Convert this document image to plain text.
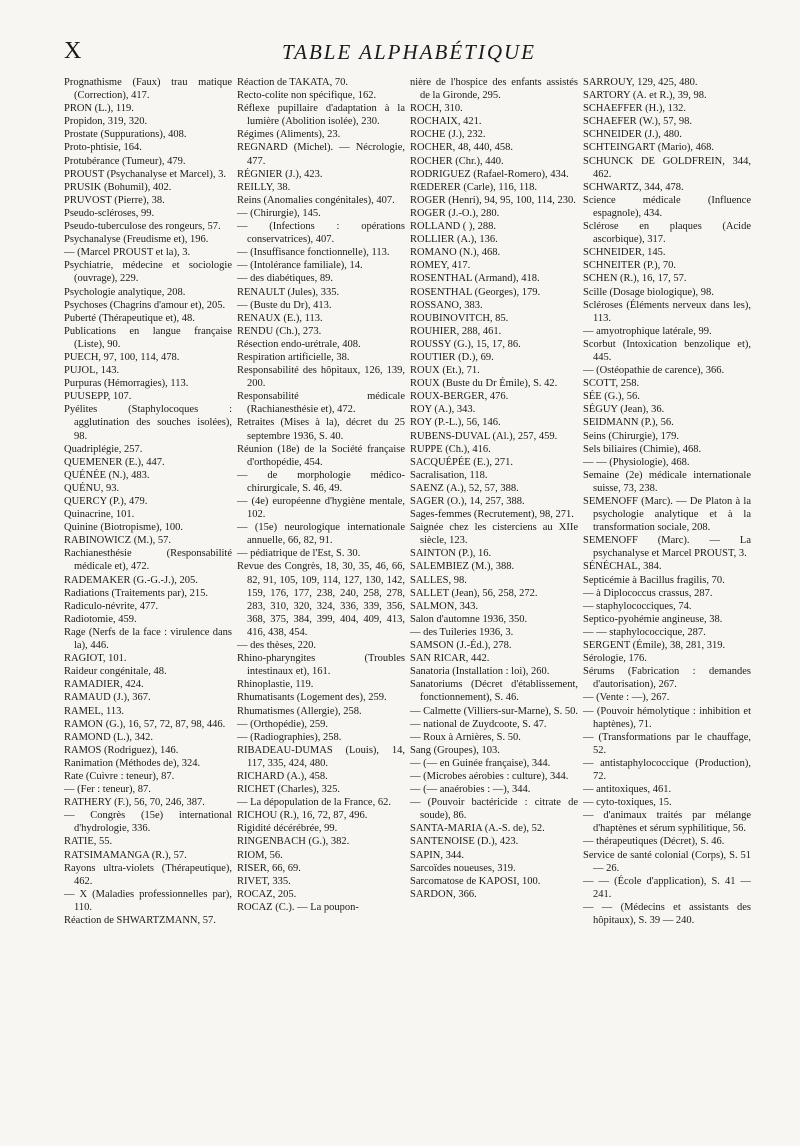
X	TABLE ALPHABÉTIQUE

Prognathisme (Faux) trau matique (Correction), 417.

PRON (L.), 119.

Propidon, 319, 320.

Prostate (Suppurations), 408.

Proto-phtisie, 164.

Protubérance (Tumeur), 479.

PROUST (Psychanalyse et Marcel), 3.

PRUSIK (Bohumil), 402.

PRUVOST (Pierre), 38.

Pseudo-scléroses, 99.

Pseudo-tuberculose des rongeurs, 57.

Psychanalyse (Freudisme et), 196.

— (Marcel PROUST et la), 3.

Psychiatrie, médecine et sociologie (ouvrage), 229.

Psychologie analytique, 208.

Psychoses (Chagrins d'amour et), 205.

Puberté (Thérapeutique et), 48.

Publications en langue française (Liste), 90.

PUECH, 97, 100, 114, 478.

PUJOL, 143.

Purpuras (Hémorragies), 113.

PUUSEPP, 107.

Pyélites (Staphylocoques : agglutination des souches isolées), 98.

Quadriplégie, 257.

QUEMENER (E.), 447.

QUÉNÉE (N.), 483.

QUÉNU, 93.

QUERCY (P.), 479.

Quinacrine, 101.

Quinine (Biotropisme), 100.

RABINOWICZ (M.), 57.

Rachianesthésie (Responsabilité médicale et), 472.

RADEMAKER (G.-G.-J.), 205.

Radiations (Traitements par), 215.

Radiculo-névrite, 477.

Radiotomie, 459.

Rage (Nerfs de la face : virulence dans la), 446.

RAGIOT, 101.

Raideur congénitale, 48.

RAMADIER, 424.

RAMAUD (J.), 367.

RAMEL, 113.

RAMON (G.), 16, 57, 72, 87, 98, 446.

RAMOND (L.), 342.

RAMOS (Rodriguez), 146.

Ranimation (Méthodes de), 324.

Rate (Cuivre : teneur), 87.

— (Fer : teneur), 87.

RATHERY (F.), 56, 70, 246, 387.

— Congrès (15e) international d'hydrologie, 336.

RATIE, 55.

RATSIMAMANGA (R.), 57.

Rayons ultra-violets (Thérapeutique), 462.

— X (Maladies professionnelles par), 110.

Réaction de SHWARTZMANN, 57.

Réaction de TAKATA, 70.

Recto-colite non spécifique, 162.

Réflexe pupillaire d'adaptation à la lumière (Abolition isolée), 230.

Régimes (Aliments), 23.

REGNARD (Michel). — Nécrologie, 477.

RÉGNIER (J.), 423.

REILLY, 38.

Reins (Anomalies congénitales), 407.

— (Chirurgie), 145.

— (Infections : opérations conservatrices), 407.

— (Insuffisance fonctionnelle), 113.

— (Intolérance familiale), 14.

— des diabétiques, 89.

RENAULT (Jules), 335.

— (Buste du Dr), 413.

RENAUX (E.), 113.

RENDU (Ch.), 273.

Résection endo-urétrale, 408.

Respiration artificielle, 38.

Responsabilité des hôpitaux, 126, 139, 200.

Responsabilité médicale (Rachianesthésie et), 472.

Retraites (Mises à la), décret du 25 septembre 1936, S. 40.

Réunion (18e) de la Société française d'orthopédie, 454.

— de morphologie médico-chirurgicale, S. 46, 49.

— (4e) européenne d'hygiène mentale, 102.

— (15e) neurologique internationale annuelle, 66, 82, 91.

— pédiatrique de l'Est, S. 30.

Revue des Congrès, 18, 30, 35, 46, 66, 82, 91, 105, 109, 114, 127, 130, 142, 159, 176, 177, 238, 240, 258, 278, 283, 310, 320, 324, 336, 339, 356, 368, 375, 384, 399, 404, 409, 413, 416, 438, 454.

— des thèses, 220.

Rhino-pharyngites (Troubles intestinaux et), 161.

Rhinoplastie, 119.

Rhumatisants (Logement des), 259.

Rhumatismes (Allergie), 258.

— (Orthopédie), 259.

— (Radiographies), 258.

RIBADEAU-DUMAS (Louis), 14, 117, 335, 424, 480.

RICHARD (A.), 458.

RICHET (Charles), 325.

— La dépopulation de la France, 62.

RICHOU (R.), 16, 72, 87, 496.

Rigidité décérébrée, 99.

RINGENBACH (G.), 382.

RIOM, 56.

RISER, 66, 69.

RIVET, 335.

ROCAZ, 205.

ROCAZ (C.). — La poupon-

nière de l'hospice des enfants assistés de la Gironde, 295.

ROCH, 310.

ROCHAIX, 421.

ROCHE (J.), 232.

ROCHER, 48, 440, 458.

ROCHER (Chr.), 440.

RODRIGUEZ (Rafael-Romero), 434.

RŒDERER (Carle), 116, 118.

ROGER (Henri), 94, 95, 100, 114, 230.

ROGER (J.-O.), 280.

ROLLAND ( ), 288.

ROLLIER (A.), 136.

ROMANO (N.), 468.

ROMEY, 417.

ROSENTHAL (Armand), 418.

ROSENTHAL (Georges), 179.

ROSSANO, 383.

ROUBINOVITCH, 85.

ROUHIER, 288, 461.

ROUSSY (G.), 15, 17, 86.

ROUTIER (D.), 69.

ROUX (Et.), 71.

ROUX (Buste du Dr Émile), S. 42.

ROUX-BERGER, 476.

ROY (A.), 343.

ROY (P.-L.), 56, 146.

RUBENS-DUVAL (Al.), 257, 459.

RUPPE (Ch.), 416.

SACQUÉPÉE (E.), 271.

Sacralisation, 118.

SAENZ (A.), 52, 57, 388.

SAGER (O.), 14, 257, 388.

Sages-femmes (Recrutement), 98, 271.

Saignée chez les cisterciens au XIIe siècle, 123.

SAINTON (P.), 16.

SALEMBIEZ (M.), 388.

SALLES, 98.

SALLET (Jean), 56, 258, 272.

SALMON, 343.

Salon d'automne 1936, 350.

— des Tuileries 1936, 3.

SAMSON (J.-Éd.), 278.

SAN RICAR, 442.

Sanatoria (Installation : loi), 260.

Sanatoriums (Décret d'établissement, fonctionnement), S. 46.

— Calmette (Villiers-sur-Marne), S. 50.

— national de Zuydcoote, S. 47.

— Roux à Arnières, S. 50.

Sang (Groupes), 103.

— (— en Guinée française), 344.

— (Microbes aérobies : culture), 344.

— (— anaérobies : —), 344.

— (Pouvoir bactéricide : citrate de soude), 86.

SANTA-MARIA (A.-S. de), 52.

SANTENOISE (D.), 423.

SAPIN, 344.

Sarcoïdes noueuses, 319.

Sarcomatose de KAPOSI, 100.

SARDON, 366.

SARROUY, 129, 425, 480.

SARTORY (A. et R.), 39, 98.

SCHAEFFER (H.), 132.

SCHAEFER (W.), 57, 98.

SCHNEIDER (J.), 480.

SCHTEINGART (Mario), 468.

SCHUNCK DE GOLDFREIN, 344, 462.

SCHWARTZ, 344, 478.

Science médicale (Influence espagnole), 434.

Sclérose en plaques (Acide ascorbique), 317.

SCHNEIDER, 145.

SCHNEITER (P.), 70.

SCHEN (R.), 16, 17, 57.

Scille (Dosage biologique), 98.

Scléroses (Éléments nerveux dans les), 113.

— amyotrophique latérale, 99.

Scorbut (Intoxication benzolique et), 445.

— (Ostéopathie de carence), 366.

SCOTT, 258.

SÉE (G.), 56.

SÉGUY (Jean), 36.

SEIDMANN (P.), 56.

Seins (Chirurgie), 179.

Sels biliaires (Chimie), 468.

— — (Physiologie), 468.

Semaine (2e) médicale internationale suisse, 73, 238.

SEMENOFF (Marc). — De Platon à la psychologie analytique et à la transformation sociale, 208.

SEMENOFF (Marc). — La psychanalyse et Marcel PROUST, 3.

SÉNÉCHAL, 384.

Septicémie à Bacillus fragilis, 70.

— à Diplococcus crassus, 287.

— staphylococciques, 74.

Septico-pyohémie angineuse, 38.

— — staphylococcique, 287.

SERGENT (Émile), 38, 281, 319.

Sérologie, 176.

Sérums (Fabrication : demandes d'autorisation), 267.

— (Vente : —), 267.

— (Pouvoir hémolytique : inhibition et haptènes), 71.

— (Transformations par le chauffage, 52.

— antistaphylococcique (Production), 72.

— antitoxiques, 461.

— cyto-toxiques, 15.

— d'animaux traités par mélange d'haptènes et sérum syphilitique, 56.

— thérapeutiques (Décret), S. 46.

Service de santé colonial (Corps), S. 51 — 26.

— — (École d'application), S. 41 — 241.

— — (Médecins et assistants des hôpitaux), S. 39 — 240.
